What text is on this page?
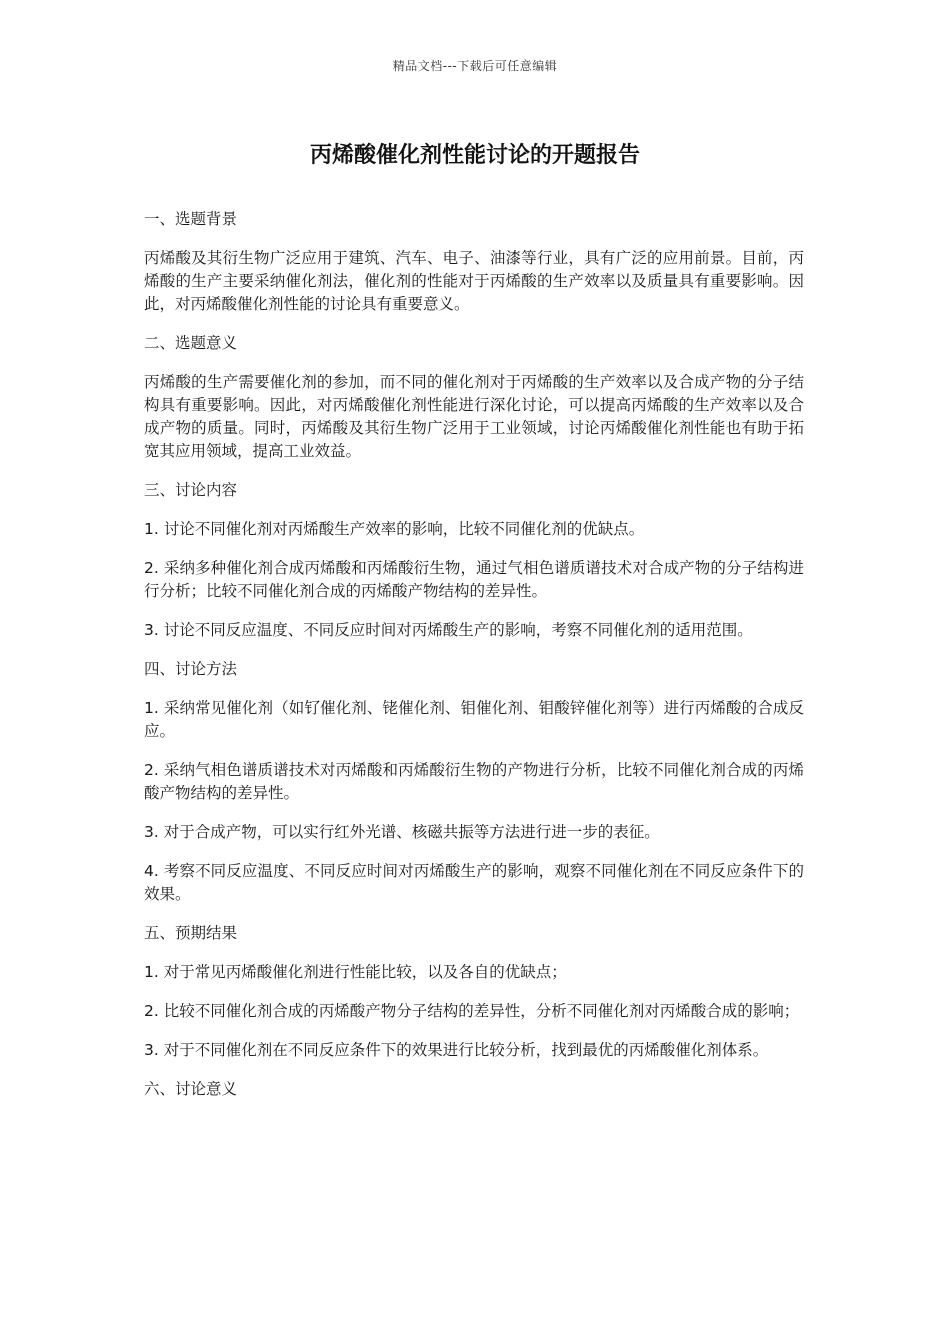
精品文档---下载后可任意编辑
丙烯酸催化剂性能讨论的开题报告

一、选题背景

丙烯酸及其衍生物广泛应用于建筑、汽车、电子、油漆等行业，具有广泛的应用前景。目前，丙烯酸的生产主要采纳催化剂法，催化剂的性能对于丙烯酸的生产效率以及质量具有重要影响。因此，对丙烯酸催化剂性能的讨论具有重要意义。

二、选题意义

丙烯酸的生产需要催化剂的参加，而不同的催化剂对于丙烯酸的生产效率以及合成产物的分子结构具有重要影响。因此，对丙烯酸催化剂性能进行深化讨论，可以提高丙烯酸的生产效率以及合成产物的质量。同时，丙烯酸及其衍生物广泛用于工业领域，讨论丙烯酸催化剂性能也有助于拓宽其应用领域，提高工业效益。

三、讨论内容

1. 讨论不同催化剂对丙烯酸生产效率的影响，比较不同催化剂的优缺点。

2. 采纳多种催化剂合成丙烯酸和丙烯酸衍生物，通过气相色谱质谱技术对合成产物的分子结构进行分析；比较不同催化剂合成的丙烯酸产物结构的差异性。

3. 讨论不同反应温度、不同反应时间对丙烯酸生产的影响，考察不同催化剂的适用范围。

四、讨论方法

1. 采纳常见催化剂（如钌催化剂、铑催化剂、钼催化剂、钼酸锌催化剂等）进行丙烯酸的合成反应。

2. 采纳气相色谱质谱技术对丙烯酸和丙烯酸衍生物的产物进行分析，比较不同催化剂合成的丙烯酸产物结构的差异性。

3. 对于合成产物，可以实行红外光谱、核磁共振等方法进行进一步的表征。

4. 考察不同反应温度、不同反应时间对丙烯酸生产的影响，观察不同催化剂在不同反应条件下的效果。

五、预期结果

1. 对于常见丙烯酸催化剂进行性能比较，以及各自的优缺点；

2. 比较不同催化剂合成的丙烯酸产物分子结构的差异性，分析不同催化剂对丙烯酸合成的影响；

3. 对于不同催化剂在不同反应条件下的效果进行比较分析，找到最优的丙烯酸催化剂体系。

六、讨论意义
